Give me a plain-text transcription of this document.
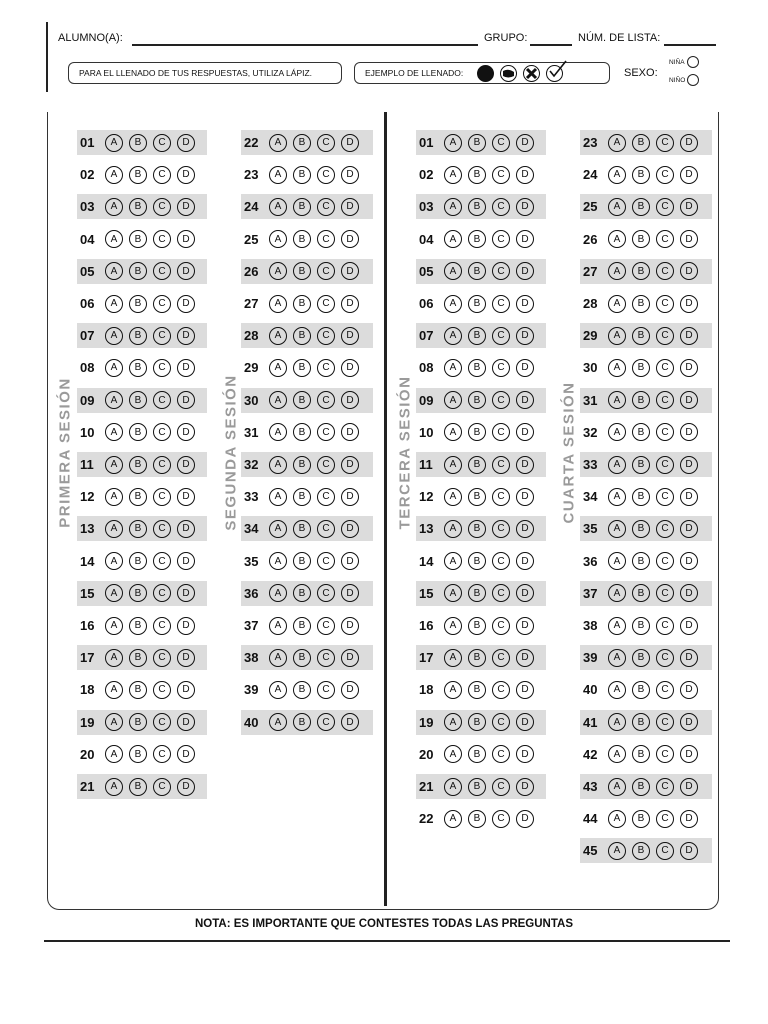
ALUMNO(A):	GRUPO:	NÚM. DE LISTA:
PARA EL LLENADO DE TUS RESPUESTAS, UTILIZA LÁPIZ.	EJEMPLO DE LLENADO:	SEXO:
NIÑA
NIÑO
01	A	B	C	D
02	A	B	C	D
03	A	B	C	D
04	A	B	C	D
05	A	B	C	D
06	A	B	C	D
07	A	B	C	D
08	A	B	C	D
09	A	B	C	D
10	A	B	C	D
11	A	B	C	D
12	A	B	C	D
13	A	B	C	D
14	A	B	C	D
15	A	B	C	D
16	A	B	C	D
17	A	B	C	D
18	A	B	C	D
19	A	B	C	D
20	A	B	C	D
21	A	B	C	D
PRIMERA SESIÓN
22	A	B	C	D
23	A	B	C	D
24	A	B	C	D
25	A	B	C	D
26	A	B	C	D
27	A	B	C	D
28	A	B	C	D
29	A	B	C	D
30	A	B	C	D
31	A	B	C	D
32	A	B	C	D
33	A	B	C	D
34	A	B	C	D
35	A	B	C	D
36	A	B	C	D
37	A	B	C	D
38	A	B	C	D
39	A	B	C	D
40	A	B	C	D
SEGUNDA SESIÓN
01	A	B	C	D
02	A	B	C	D
03	A	B	C	D
04	A	B	C	D
05	A	B	C	D
06	A	B	C	D
07	A	B	C	D
08	A	B	C	D
09	A	B	C	D
10	A	B	C	D
11	A	B	C	D
12	A	B	C	D
13	A	B	C	D
14	A	B	C	D
15	A	B	C	D
16	A	B	C	D
17	A	B	C	D
18	A	B	C	D
19	A	B	C	D
20	A	B	C	D
21	A	B	C	D
22	A	B	C	D
TERCERA SESIÓN
23	A	B	C	D
24	A	B	C	D
25	A	B	C	D
26	A	B	C	D
27	A	B	C	D
28	A	B	C	D
29	A	B	C	D
30	A	B	C	D
31	A	B	C	D
32	A	B	C	D
33	A	B	C	D
34	A	B	C	D
35	A	B	C	D
36	A	B	C	D
37	A	B	C	D
38	A	B	C	D
39	A	B	C	D
40	A	B	C	D
41	A	B	C	D
42	A	B	C	D
43	A	B	C	D
44	A	B	C	D
45	A	B	C	D
CUARTA SESIÓN
NOTA: ES IMPORTANTE QUE CONTESTES TODAS LAS PREGUNTAS
